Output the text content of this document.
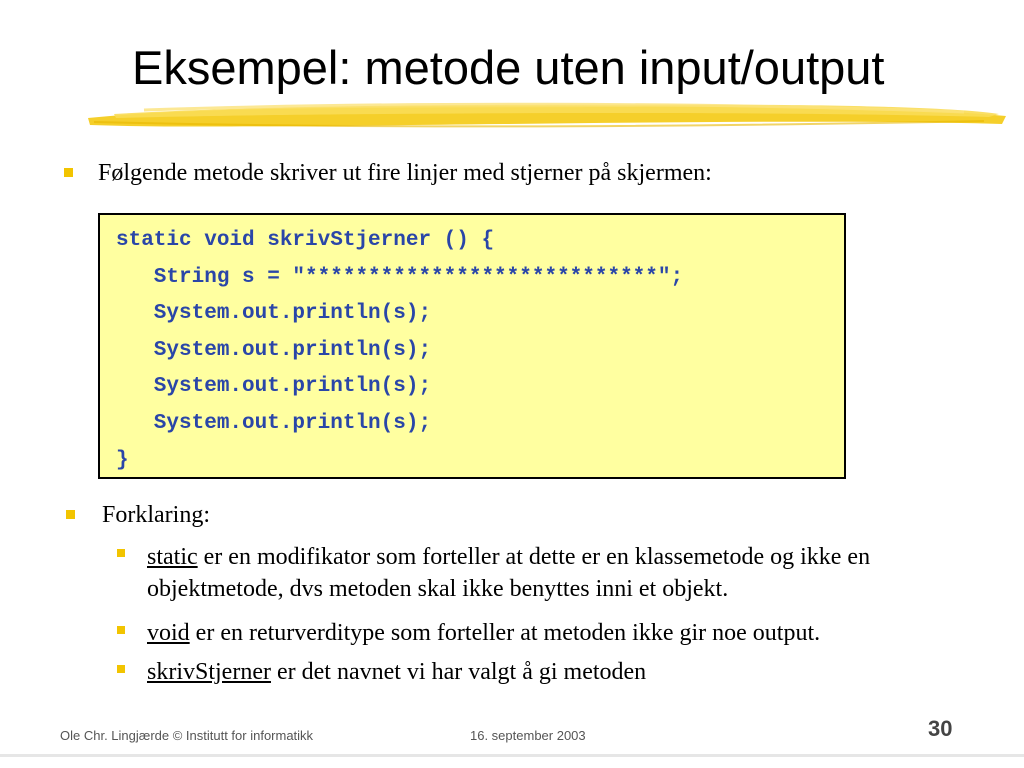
Eksempel: metode uten input/output
Følgende metode skriver ut fire linjer med stjerner på skjermen:
static void skrivStjerner () {
String s = "****************************";
System.out.println(s);
System.out.println(s);
System.out.println(s);
System.out.println(s);
}
Forklaring:
static er en modifikator som forteller at dette er en klassemetode og ikke en objektmetode, dvs metoden skal ikke benyttes inni et objekt.
void er en returverditype som forteller at metoden ikke gir noe output.
skrivStjerner er det navnet vi har valgt å gi metoden
Ole Chr. Lingjærde © Institutt for informatikk	16. september 2003	30
